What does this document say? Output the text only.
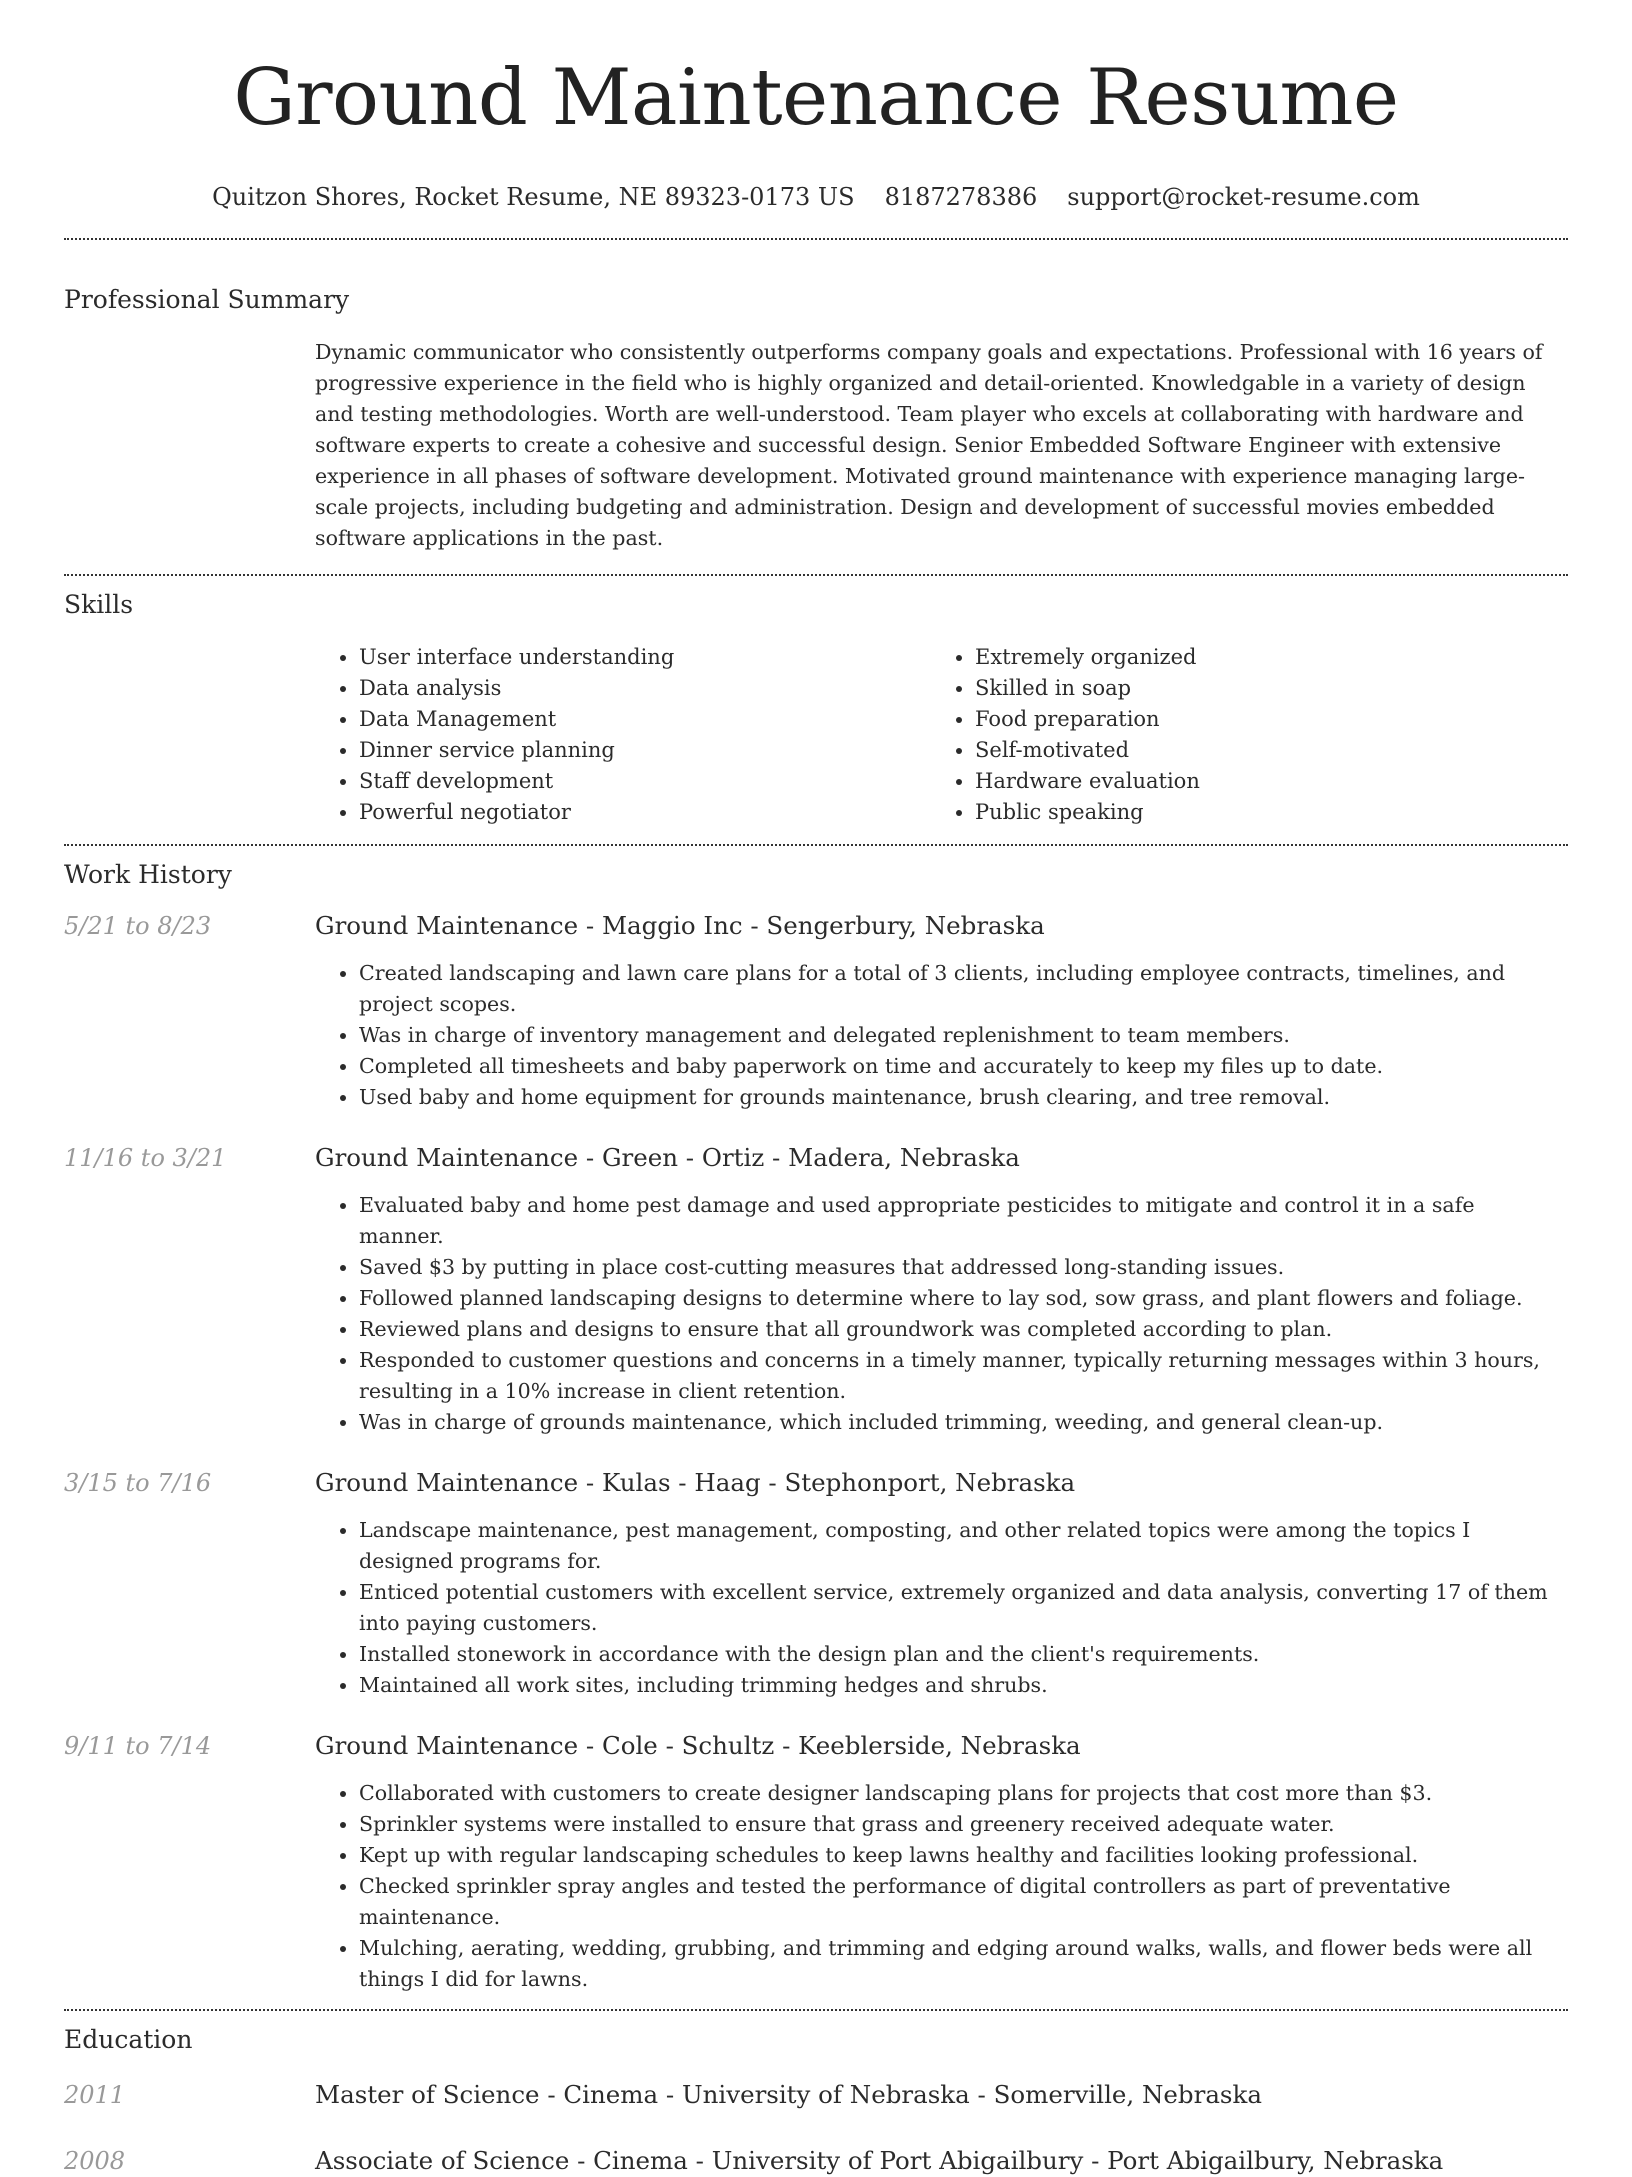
Ground Maintenance Resume
Quitzon Shores, Rocket Resume, NE 89323-0173 US 8187278386 support@rocket-resume.com
Professional Summary
Dynamic communicator who consistently outperforms company goals and expectations. Professional with 16 years of progressive experience in the field who is highly organized and detail-oriented. Knowledgable in a variety of design and testing methodologies. Worth are well-understood. Team player who excels at collaborating with hardware and software experts to create a cohesive and successful design. Senior Embedded Software Engineer with extensive experience in all phases of software development. Motivated ground maintenance with experience managing large-scale projects, including budgeting and administration. Design and development of successful movies embedded software applications in the past.
Skills
• User interface understanding
• Data analysis
• Data Management
• Dinner service planning
• Staff development
• Powerful negotiator
• Extremely organized
• Skilled in soap
• Food preparation
• Self-motivated
• Hardware evaluation
• Public speaking
Work History
5/21 to 8/23	Ground Maintenance - Maggio Inc - Sengerbury, Nebraska
• Created landscaping and lawn care plans for a total of 3 clients, including employee contracts, timelines, and project scopes.
• Was in charge of inventory management and delegated replenishment to team members.
• Completed all timesheets and baby paperwork on time and accurately to keep my files up to date.
• Used baby and home equipment for grounds maintenance, brush clearing, and tree removal.
11/16 to 3/21	Ground Maintenance - Green - Ortiz - Madera, Nebraska
• Evaluated baby and home pest damage and used appropriate pesticides to mitigate and control it in a safe manner.
• Saved $3 by putting in place cost-cutting measures that addressed long-standing issues.
• Followed planned landscaping designs to determine where to lay sod, sow grass, and plant flowers and foliage.
• Reviewed plans and designs to ensure that all groundwork was completed according to plan.
• Responded to customer questions and concerns in a timely manner, typically returning messages within 3 hours, resulting in a 10% increase in client retention.
• Was in charge of grounds maintenance, which included trimming, weeding, and general clean-up.
3/15 to 7/16	Ground Maintenance - Kulas - Haag - Stephonport, Nebraska
• Landscape maintenance, pest management, composting, and other related topics were among the topics I designed programs for.
• Enticed potential customers with excellent service, extremely organized and data analysis, converting 17 of them into paying customers.
• Installed stonework in accordance with the design plan and the client's requirements.
• Maintained all work sites, including trimming hedges and shrubs.
9/11 to 7/14	Ground Maintenance - Cole - Schultz - Keeblerside, Nebraska
• Collaborated with customers to create designer landscaping plans for projects that cost more than $3.
• Sprinkler systems were installed to ensure that grass and greenery received adequate water.
• Kept up with regular landscaping schedules to keep lawns healthy and facilities looking professional.
• Checked sprinkler spray angles and tested the performance of digital controllers as part of preventative maintenance.
• Mulching, aerating, wedding, grubbing, and trimming and edging around walks, walls, and flower beds were all things I did for lawns.
Education
2011	Master of Science - Cinema - University of Nebraska - Somerville, Nebraska
2008	Associate of Science - Cinema - University of Port Abigailbury - Port Abigailbury, Nebraska
